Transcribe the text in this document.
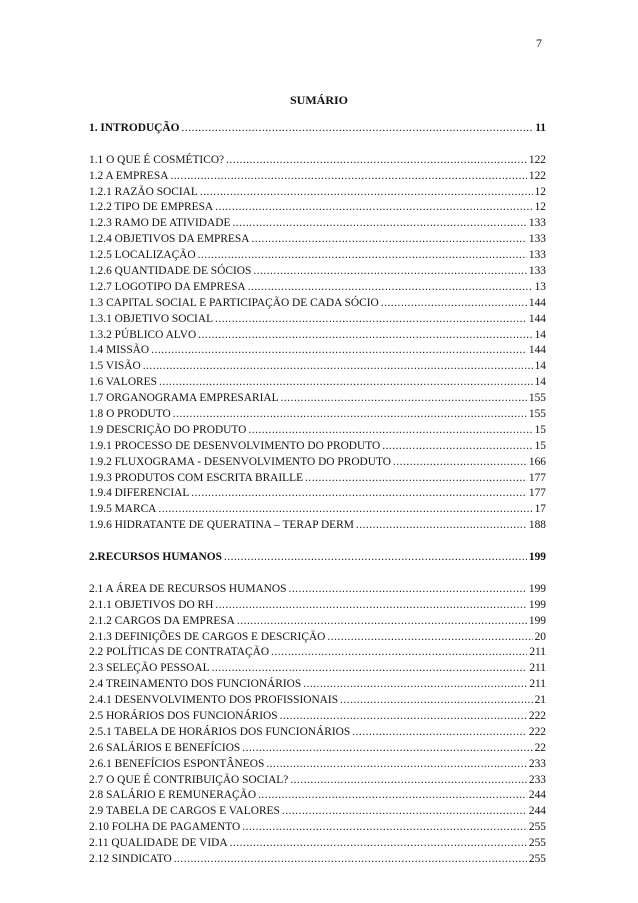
7
SUMÁRIO
1. INTRODUÇÃO .....	11
1.1 O QUE É COSMÉTICO? .....	122
1.2 A EMPRESA .....	122
1.2.1 RAZÃO SOCIAL .....	12
1.2.2 TIPO DE EMPRESA .....	12
1.2.3 RAMO DE ATIVIDADE .....	133
1.2.4 OBJETIVOS DA EMPRESA .....	133
1.2.5 LOCALIZAÇÃO .....	133
1.2.6 QUANTIDADE DE SÓCIOS .....	133
1.2.7 LOGOTIPO DA EMPRESA .....	13
1.3 CAPITAL SOCIAL E PARTICIPAÇÃO DE CADA SÓCIO .....	144
1.3.1 OBJETIVO SOCIAL .....	144
1.3.2 PÚBLICO ALVO .....	14
1.4 MISSÃO .....	144
1.5 VISÃO .....	14
1.6 VALORES .....	14
1.7 ORGANOGRAMA EMPRESARIAL .....	155
1.8 O PRODUTO .....	155
1.9 DESCRIÇÃO DO PRODUTO .....	15
1.9.1 PROCESSO DE DESENVOLVIMENTO DO PRODUTO .....	15
1.9.2 FLUXOGRAMA - DESENVOLVIMENTO DO PRODUTO .....	166
1.9.3 PRODUTOS COM ESCRITA BRAILLE .....	177
1.9.4 DIFERENCIAL .....	177
1.9.5 MARCA .....	17
1.9.6 HIDRATANTE DE QUERATINA – TERAP DERM .....	188
2.RECURSOS HUMANOS .....	199
2.1 A ÁREA DE RECURSOS HUMANOS .....	199
2.1.1 OBJETIVOS DO RH .....	199
2.1.2 CARGOS DA EMPRESA .....	199
2.1.3 DEFINIÇÕES DE CARGOS E DESCRIÇÃO .....	20
2.2 POLÍTICAS DE CONTRATAÇÃO .....	211
2.3 SELEÇÃO PESSOAL .....	211
2.4 TREINAMENTO DOS FUNCIONÁRIOS .....	211
2.4.1 DESENVOLVIMENTO DOS PROFISSIONAIS .....	21
2.5 HORÁRIOS DOS FUNCIONÁRIOS .....	222
2.5.1 TABELA DE HORÁRIOS DOS FUNCIONÁRIOS .....	222
2.6 SALÁRIOS E BENEFÍCIOS .....	22
2.6.1 BENEFÍCIOS ESPONTÂNEOS .....	233
2.7 O QUE É CONTRIBUIÇÃO SOCIAL? .....	233
2.8 SALÁRIO E REMUNERAÇÃO .....	244
2.9 TABELA DE CARGOS E VALORES .....	244
2.10 FOLHA DE PAGAMENTO .....	255
2.11 QUALIDADE DE VIDA .....	255
2.12 SINDICATO .....	255
